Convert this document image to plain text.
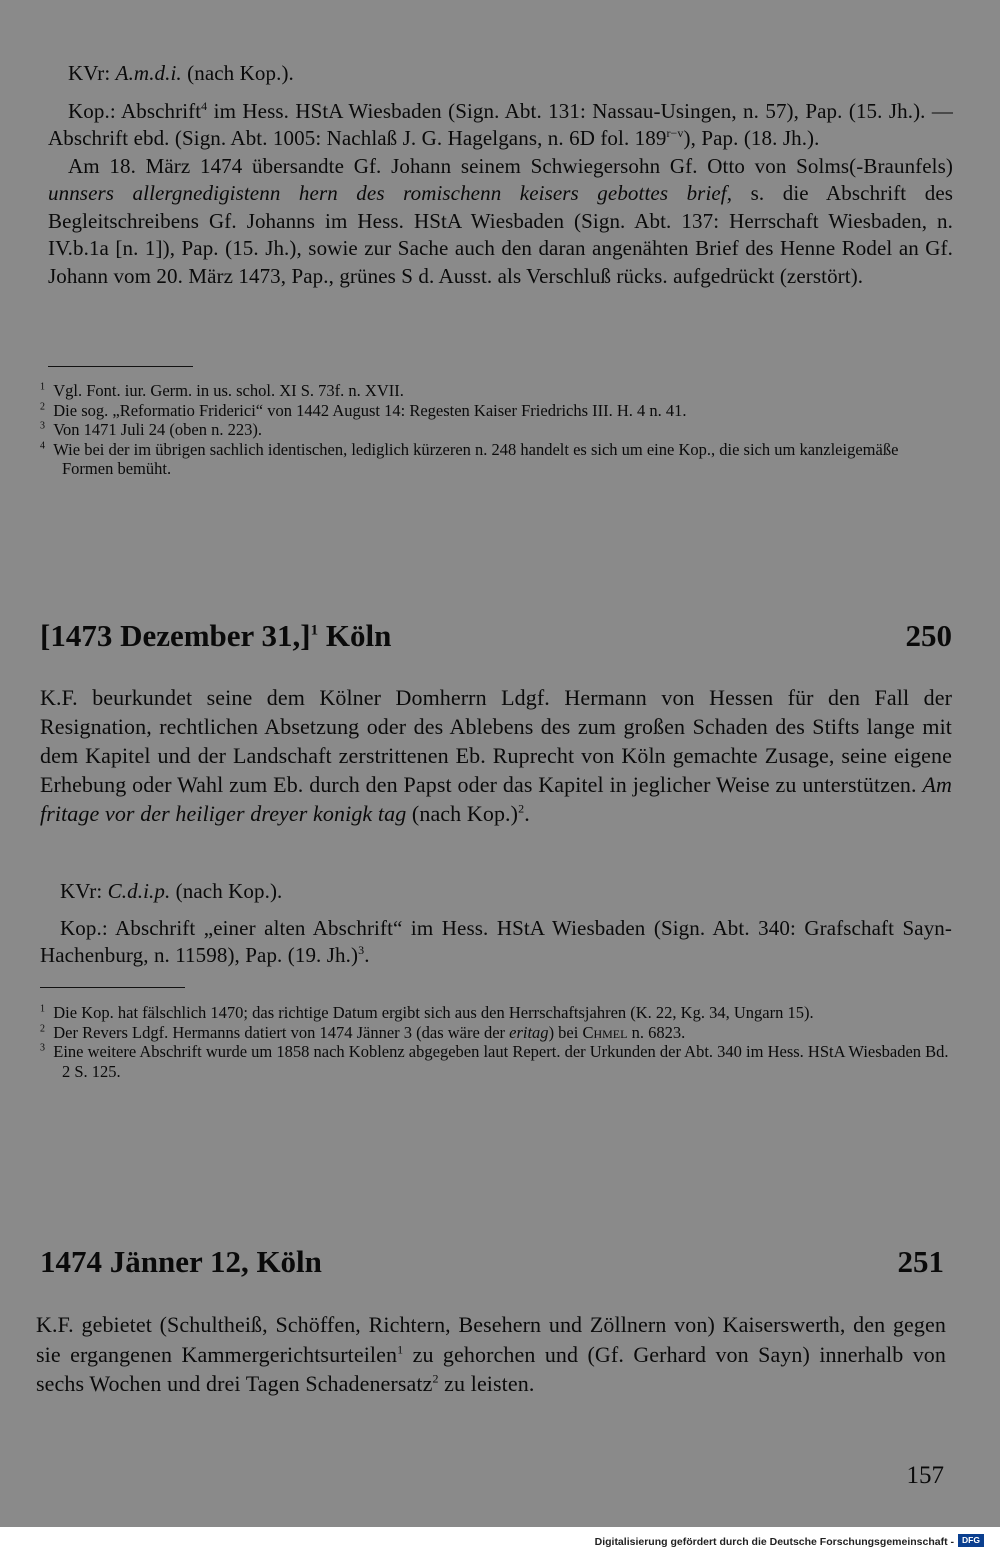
KVr: A.m.d.i. (nach Kop.).

Kop.: Abschrift$^4$ im Hess. HStA Wiesbaden (Sign. Abt. 131: Nassau-Usingen, n. 57), Pap. (15. Jh.). — Abschrift ebd. (Sign. Abt. 1005: Nachlaß J. G. Hagelgans, n. 6D fol. $189^{r-v}$), Pap. (18. Jh.).

Am 18. März 1474 übersandte Gf. Johann seinem Schwiegersohn Gf. Otto von Solms(-Braunfels) unnsers allergnedigistenn hern des romischenn keisers gebottes brief, s. die Abschrift des Begleitschreibens Gf. Johanns im Hess. HStA Wiesbaden (Sign. Abt. 137: Herrschaft Wiesbaden, n. IV.b.1a [n. 1]), Pap. (15. Jh.), sowie zur Sache auch den daran angenähten Brief des Henne Rodel an Gf. Johann vom 20. März 1473, Pap., grünes S d. Ausst. als Verschluß rücks. aufgedrückt (zerstört).

$^1$ Vgl. Font. iur. Germ. in us. schol. XI S. 73f. n. XVII.

$^2$ Die sog. „Reformatio Friderici“ von 1442 August 14: Regesten Kaiser Friedrichs III. H. 4 n. 41.

$^3$ Von 1471 Juli 24 (oben n. 223).

$^4$ Wie bei der im übrigen sachlich identischen, lediglich kürzeren n. 248 handelt es sich um eine Kop., die sich um kanzleigemäße Formen bemüht.

[1473 Dezember 31,]$^1$ Köln	250

K.F. beurkundet seine dem Kölner Domherrn Ldgf. Hermann von Hessen für den Fall der Resignation, rechtlichen Absetzung oder des Ablebens des zum großen Schaden des Stifts lange mit dem Kapitel und der Landschaft zerstrittenen Eb. Ruprecht von Köln gemachte Zusage, seine eigene Erhebung oder Wahl zum Eb. durch den Papst oder das Kapitel in jeglicher Weise zu unterstützen. Am fritage vor der heiliger dreyer konigk tag (nach Kop.)$^2$.

KVr: C.d.i.p. (nach Kop.).

Kop.: Abschrift „einer alten Abschrift“ im Hess. HStA Wiesbaden (Sign. Abt. 340: Grafschaft Sayn-Hachenburg, n. 11598), Pap. (19. Jh.)$^3$.

$^1$ Die Kop. hat fälschlich 1470; das richtige Datum ergibt sich aus den Herrschaftsjahren (K. 22, Kg. 34, Ungarn 15).

$^2$ Der Revers Ldgf. Hermanns datiert von 1474 Jänner 3 (das wäre der eritag) bei Chmel n. 6823.

$^3$ Eine weitere Abschrift wurde um 1858 nach Koblenz abgegeben laut Repert. der Urkunden der Abt. 340 im Hess. HStA Wiesbaden Bd. 2 S. 125.

1474 Jänner 12, Köln	251

K.F. gebietet (Schultheiß, Schöffen, Richtern, Besehern und Zöllnern von) Kaiserswerth, den gegen sie ergangenen Kammergerichtsurteilen$^1$ zu gehorchen und (Gf. Gerhard von Sayn) innerhalb von sechs Wochen und drei Tagen Schadenersatz$^2$ zu leisten.

157
Digitalisierung gefördert durch die Deutsche Forschungsgemeinschaft - DFG
